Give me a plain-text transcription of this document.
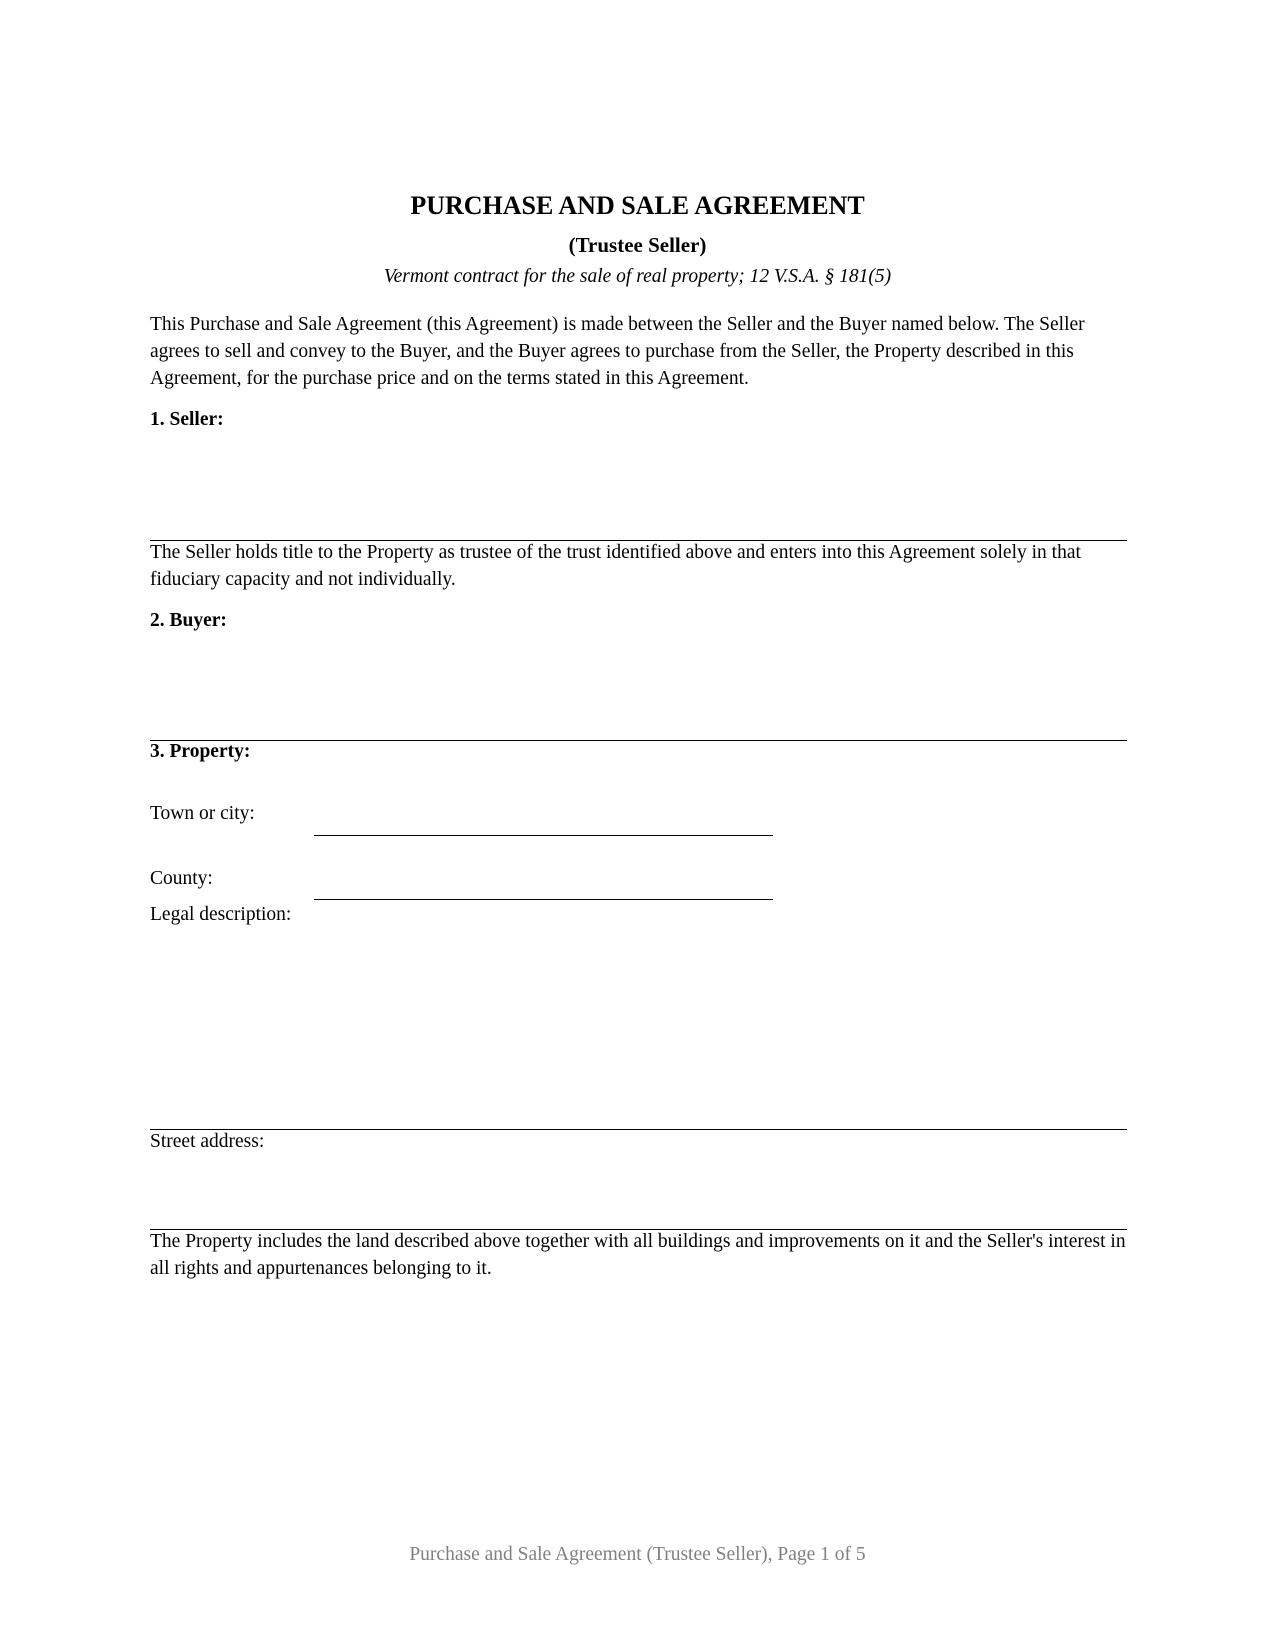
PURCHASE AND SALE AGREEMENT
(Trustee Seller)
Vermont contract for the sale of real property; 12 V.S.A. § 181(5)
This Purchase and Sale Agreement (this Agreement) is made between the Seller and the Buyer named below. The Seller agrees to sell and convey to the Buyer, and the Buyer agrees to purchase from the Seller, the Property described in this Agreement, for the purchase price and on the terms stated in this Agreement.
1. Seller:
The Seller holds title to the Property as trustee of the trust identified above and enters into this Agreement solely in that fiduciary capacity and not individually.
2. Buyer:
3. Property:
Town or city:
County:
Legal description:
Street address:
The Property includes the land described above together with all buildings and improvements on it and the Seller's interest in all rights and appurtenances belonging to it.
Purchase and Sale Agreement (Trustee Seller), Page 1 of 5
